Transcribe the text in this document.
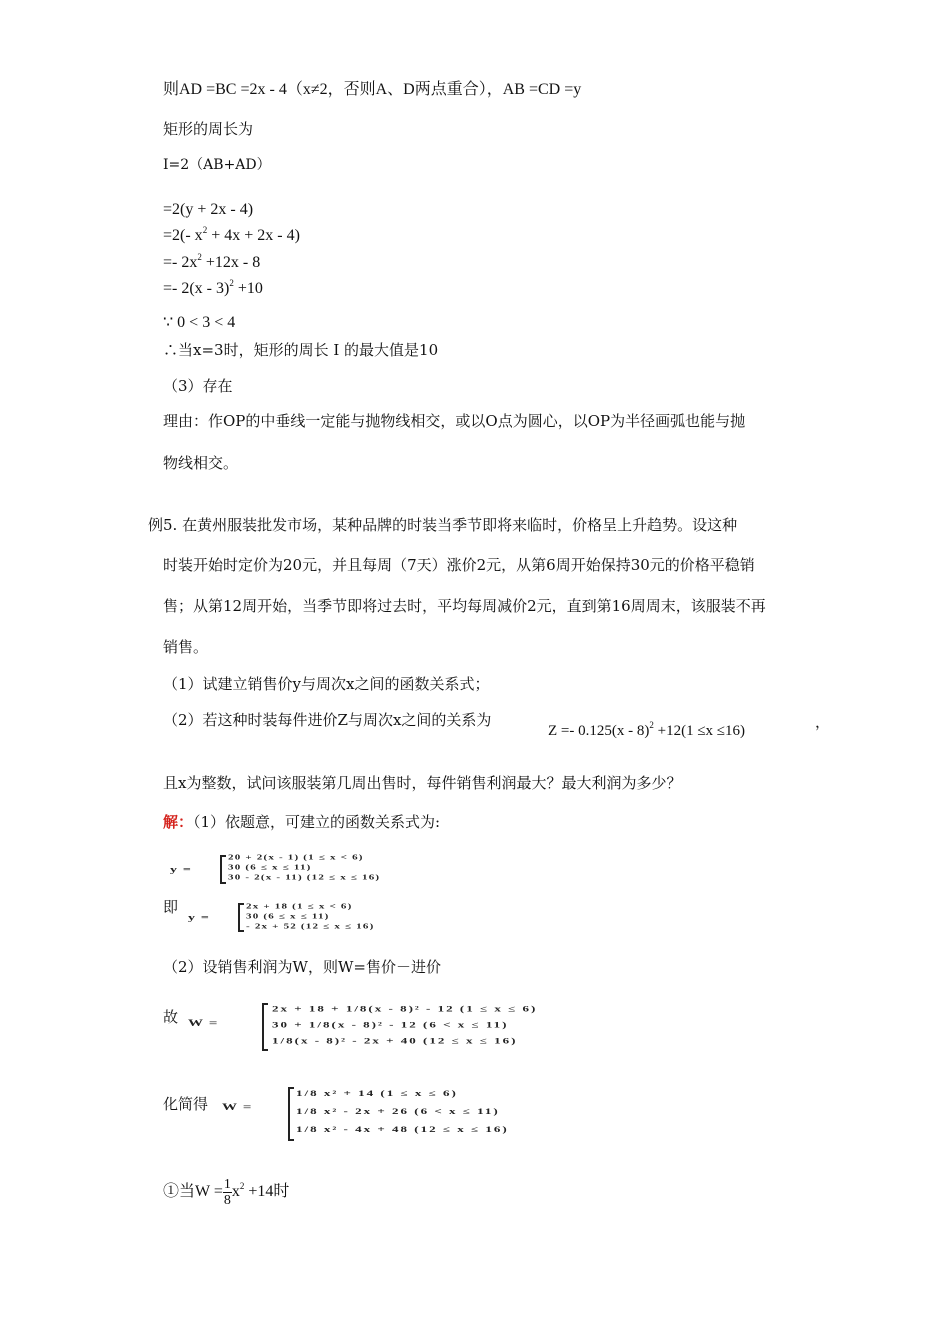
则AD =BC =2x - 4（x≠2，否则A、D两点重合），AB =CD =y
矩形的周长为
I=2（AB+AD）
=2(y + 2x - 4)
=2(- $x^2 + 4x + 2x - 4$)
=- $2x^2 +12x - 8$
=- 2(x - 3)$^2$ +10
∵ 0 < 3 < 4
∴当x=3时，矩形的周长 I 的最大值是10
（3）存在
理由：作OP的中垂线一定能与抛物线相交，或以O点为圆心，以OP为半径画弧也能与抛
物线相交。
例5. 在黄州服装批发市场，某种品牌的时装当季节即将来临时，价格呈上升趋势。设这种
时装开始时定价为20元，并且每周（7天）涨价2元，从第6周开始保持30元的价格平稳销
售；从第12周开始，当季节即将过去时，平均每周减价2元，直到第16周周末，该服装不再
销售。
（1）试建立销售价y与周次x之间的函数关系式；
（2）若这种时装每件进价Z与周次x之间的关系为
Z =- 0.125(x - 8)$^2$ +12(1 ≤x ≤16)	，
且x为整数，试问该服装第几周出售时，每件销售利润最大？最大利润为多少？
解：（1）依题意，可建立的函数关系式为:
y =
20 + 2(x - 1) (1 ≤ x < 6)
30 (6 ≤ x ≤ 11)
30 - 2(x - 11) (12 ≤ x ≤ 16)
即
y =
2x + 18 (1 ≤ x < 6)
30 (6 ≤ x ≤ 11)
- 2x + 52 (12 ≤ x ≤ 16)
（2）设销售利润为W，则W=售价－进价
故 W =
2x + 18 + 1/8(x - 8)² - 12 (1 ≤ x ≤ 6)
30 + 1/8(x - 8)² - 12 (6 < x ≤ 11)
1/8(x - 8)² - 2x + 40 (12 ≤ x ≤ 16)
化简得 W =
1/8 x² + 14 (1 ≤ x ≤ 6)
1/8 x² - 2x + 26 (6 < x ≤ 11)
1/8 x² - 4x + 48 (12 ≤ x ≤ 16)
①当$W = \frac{1}{8} x^2 +14$时
